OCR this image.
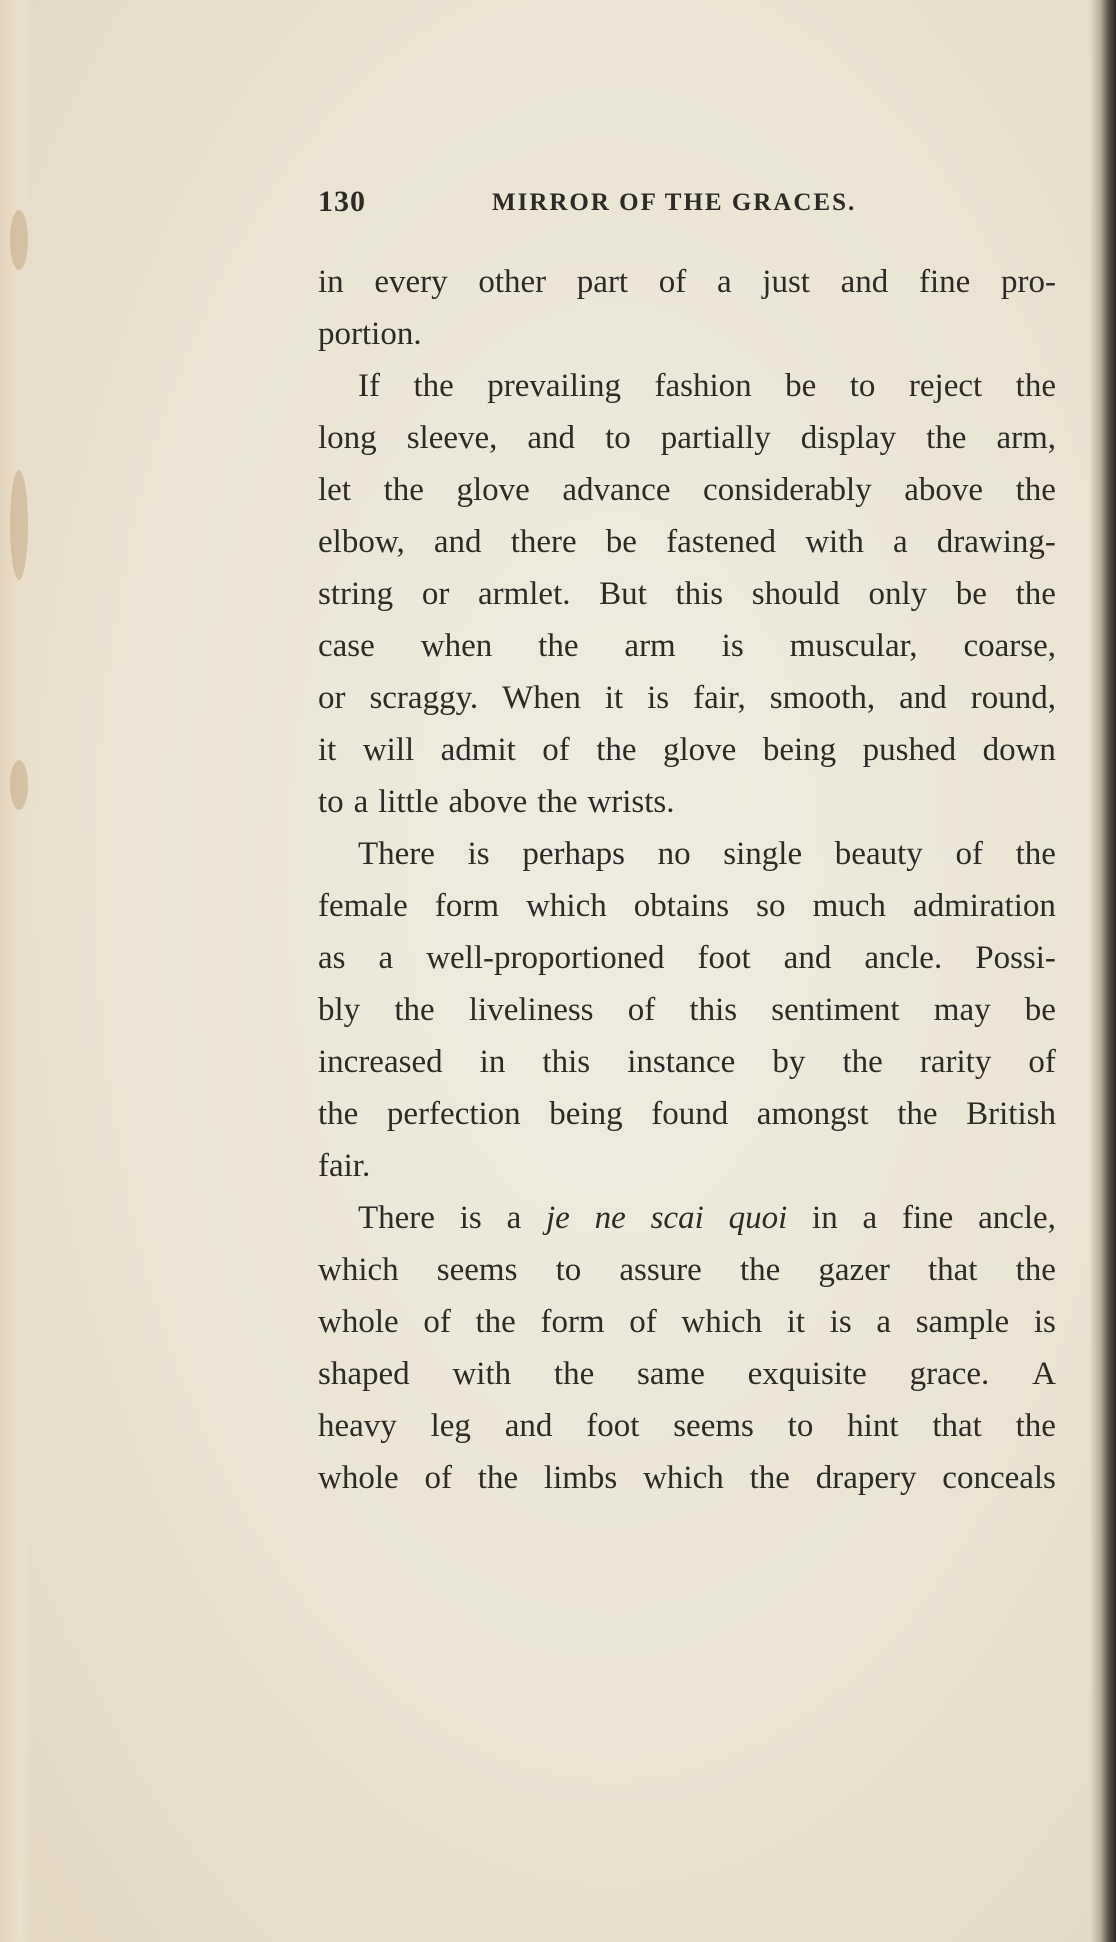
130	MIRROR OF THE GRACES.
in every other part of a just and fine pro-
portion.
If the prevailing fashion be to reject the
long sleeve, and to partially display the arm,
let the glove advance considerably above the
elbow, and there be fastened with a drawing-
string or armlet. But this should only be the
case when the arm is muscular, coarse,
or scraggy. When it is fair, smooth, and round,
it will admit of the glove being pushed down
to a little above the wrists.
There is perhaps no single beauty of the
female form which obtains so much admiration
as a well-proportioned foot and ancle. Possi-
bly the liveliness of this sentiment may be
increased in this instance by the rarity of
the perfection being found amongst the British
fair.
There is a je ne scai quoi in a fine ancle,
which seems to assure the gazer that the
whole of the form of which it is a sample is
shaped with the same exquisite grace. A
heavy leg and foot seems to hint that the
whole of the limbs which the drapery conceals
